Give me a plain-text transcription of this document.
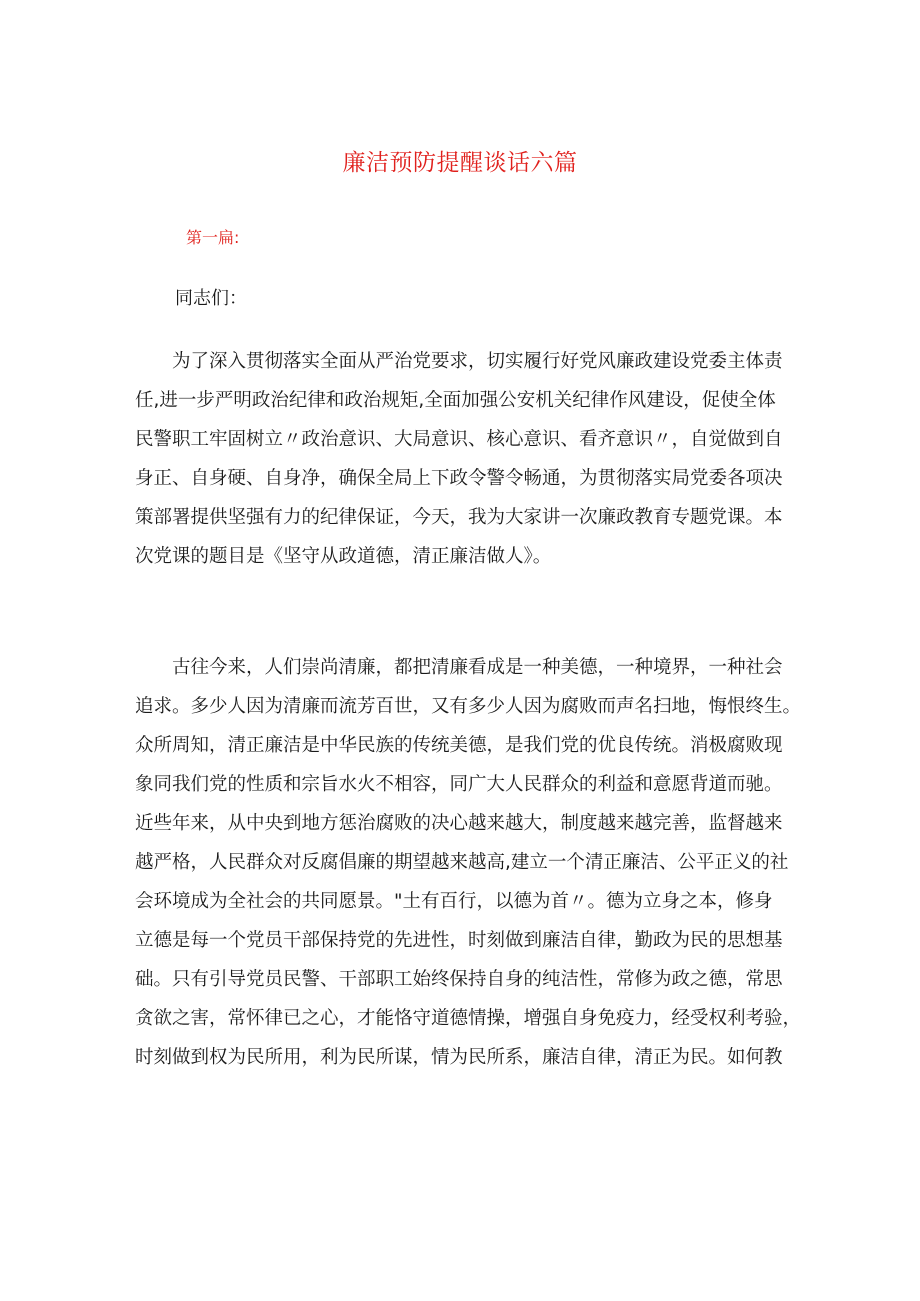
廉洁预防提醒谈话六篇
第一扁:
同志们：
　　为了深入贯彻落实全面从严治党要求，切实履行好党风廉政建设党委主体责
任,进一步严明政治纪律和政治规矩,全面加强公安机关纪律作风建设，促使全体
民警职工牢固树立〃政治意识、大局意识、核心意识、看齐意识〃，自觉做到自
身正、自身硬、自身净，确保全局上下政令警令畅通，为贯彻落实局党委各项决
策部署提供坚强有力的纪律保证，今天，我为大家讲一次廉政教育专题党课。本
次党课的题目是《坚守从政道德，清正廉洁做人》。
　　古往今来，人们崇尚清廉，都把清廉看成是一种美德，一种境界，一种社会
追求。多少人因为清廉而流芳百世，又有多少人因为腐败而声名扫地，悔恨终生。
众所周知，清正廉洁是中华民族的传统美德，是我们党的优良传统。消极腐败现
象同我们党的性质和宗旨水火不相容，同广大人民群众的利益和意愿背道而驰。
近些年来，从中央到地方惩治腐败的决心越来越大，制度越来越完善，监督越来
越严格，人民群众对反腐倡廉的期望越来越高,建立一个清正廉洁、公平正义的社
会环境成为全社会的共同愿景。"土有百行，以德为首〃。德为立身之本，修身
立德是每一个党员干部保持党的先进性，时刻做到廉洁自律，勤政为民的思想基
础。只有引导党员民警、干部职工始终保持自身的纯洁性，常修为政之德，常思
贪欲之害，常怀律已之心，才能恪守道德情操，增强自身免疫力，经受权利考验，
时刻做到权为民所用，利为民所谋，情为民所系，廉洁自律，清正为民。如何教
